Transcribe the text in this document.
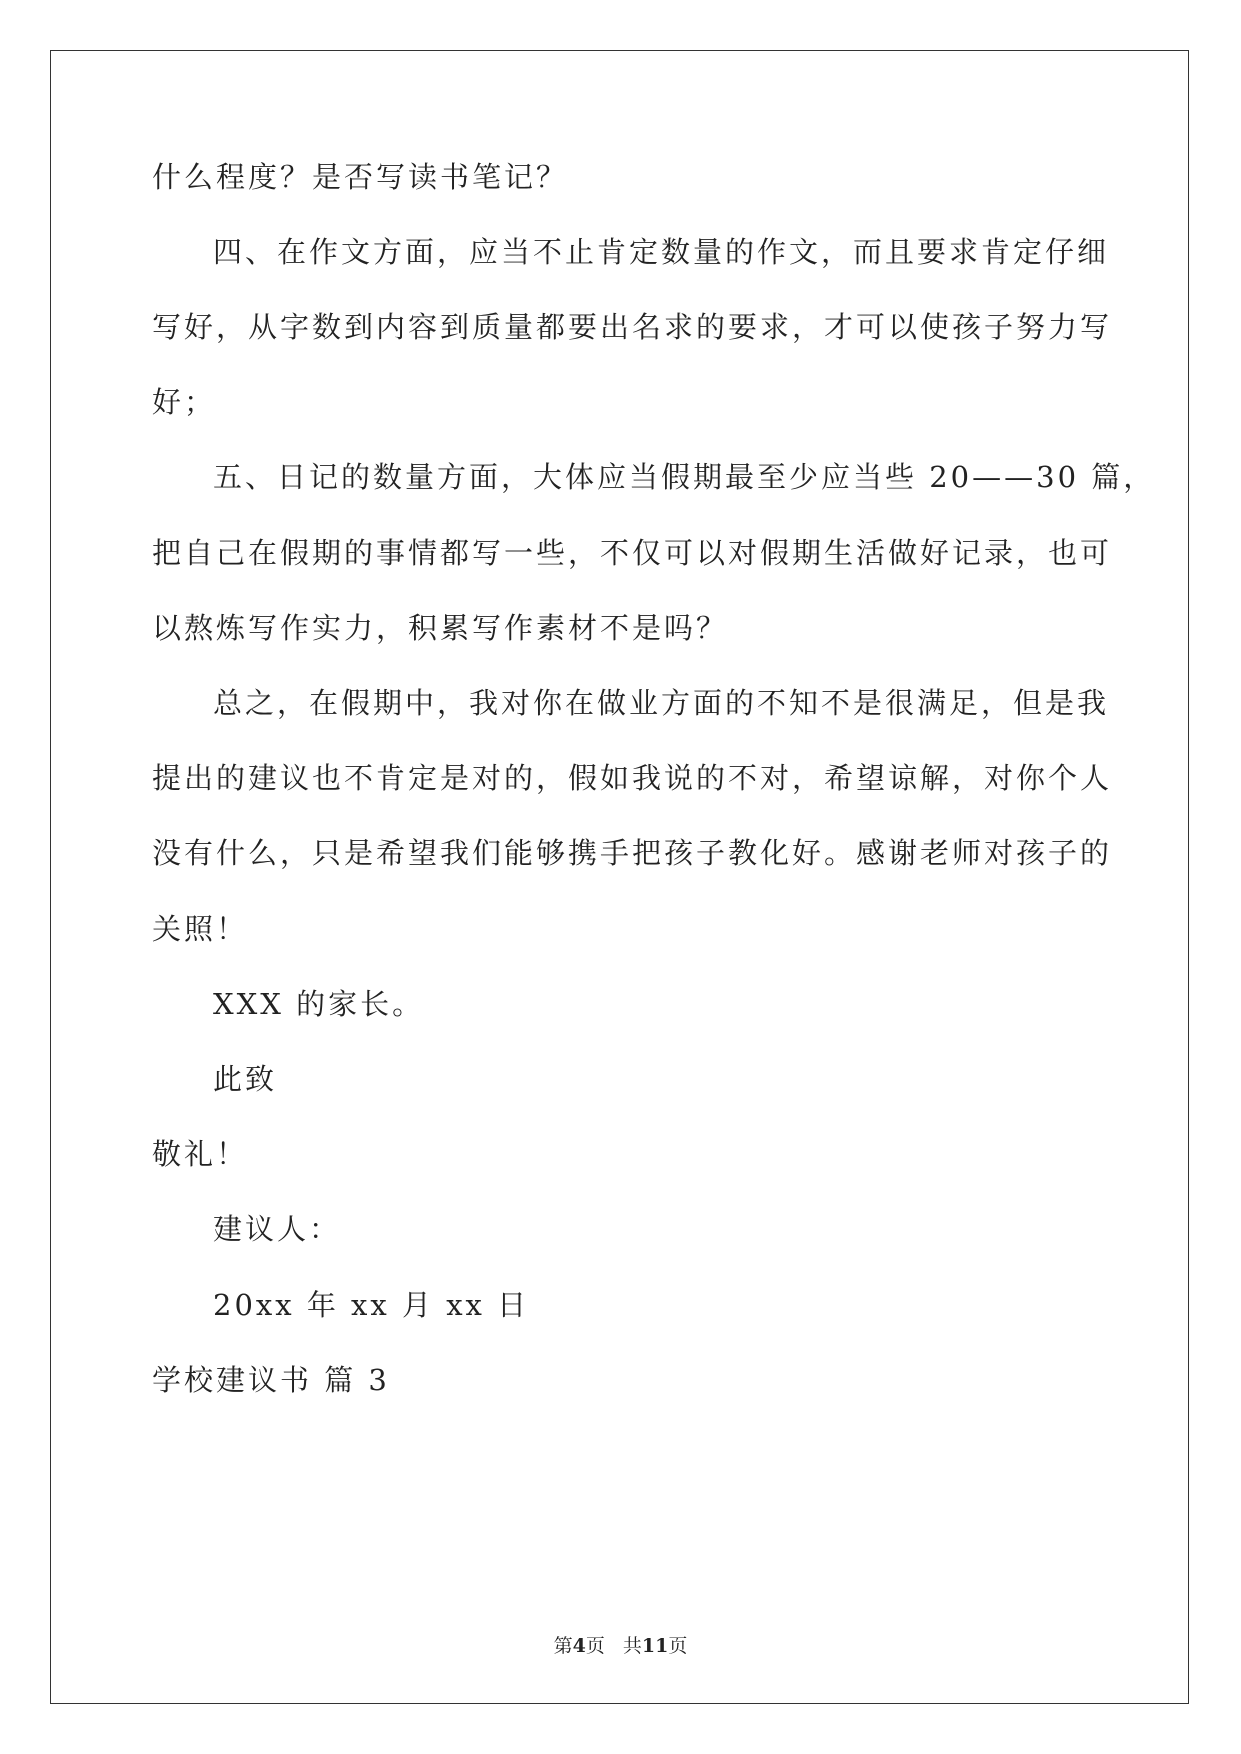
什么程度？是否写读书笔记？
四、在作文方面，应当不止肯定数量的作文，而且要求肯定仔细
写好，从字数到内容到质量都要出名求的要求，才可以使孩子努力写
好；
五、日记的数量方面，大体应当假期最至少应当些 20——30 篇，
把自己在假期的事情都写一些，不仅可以对假期生活做好记录，也可
以熬炼写作实力，积累写作素材不是吗？
总之，在假期中，我对你在做业方面的不知不是很满足，但是我
提出的建议也不肯定是对的，假如我说的不对，希望谅解，对你个人
没有什么，只是希望我们能够携手把孩子教化好。感谢老师对孩子的
关照！
XXX 的家长。
此致
敬礼！
建议人：
20xx 年 xx 月 xx 日
学校建议书 篇 3
第4页 共11页
